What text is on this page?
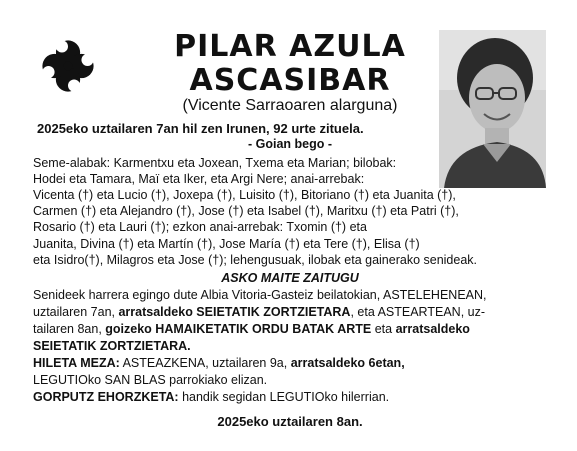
PILAR AZULA
ASCASIBAR
(Vicente Sarraoaren alarguna)
2025eko uztailaren 7an hil zen Irunen, 92 urte zituela.
- Goian bego -
Seme-alabak: Karmentxu eta Joxean, Txema eta Marian; bilobak:
Hodei eta Tamara, Maï eta Iker, eta Argi Nere; anai-arrebak:
Vicenta (†) eta Lucio (†), Joxepa (†), Luisito (†), Bitoriano (†) eta Juanita (†),
Carmen (†) eta Alejandro (†), Jose (†) eta Isabel (†), Maritxu (†) eta Patri (†),
Rosario (†) eta Lauri (†); ezkon anai-arrebak: Txomin (†) eta
Juanita, Divina (†) eta Martín (†), Jose María (†) eta Tere (†), Elisa (†)
eta Isidro(†), Milagros eta Jose (†); lehengusuak, ilobak eta gainerako senideak.
ASKO MAITE ZAITUGU
Senideek harrera egingo dute Albia Vitoria-Gasteiz beilatokian, ASTELEHENEAN,
uztailaren 7an, arratsaldeko SEIETATIK ZORTZIETARA, eta ASTEARTEAN, uz-
tailaren 8an, goizeko HAMAIKETATIK ORDU BATAK ARTE eta arratsaldeko
SEIETATIK ZORTZIETARA.
HILETA MEZA: ASTEAZKENA, uztailaren 9a, arratsaldeko 6etan,
LEGUTIOko SAN BLAS parrokiako elizan.
GORPUTZ EHORZKETA: handik segidan LEGUTIOko hilerrian.
2025eko uztailaren 8an.
